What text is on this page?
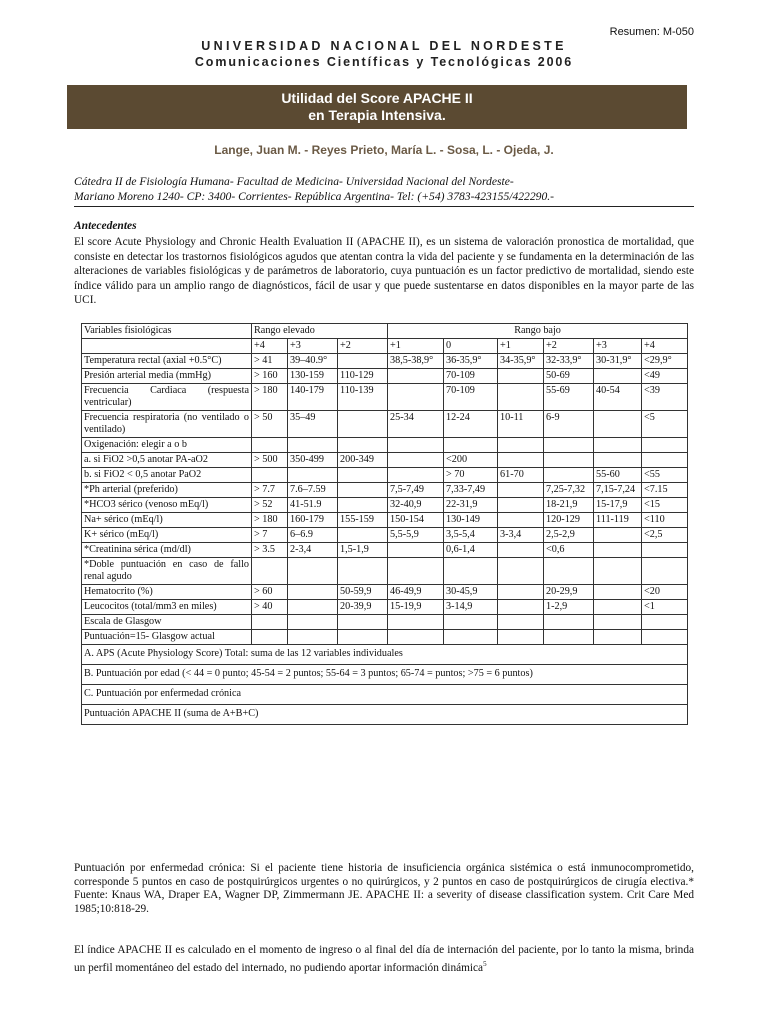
Resumen: M-050
UNIVERSIDAD NACIONAL DEL NORDESTE
Comunicaciones Científicas y Tecnológicas 2006
Utilidad del Score APACHE II
en Terapia Intensiva.
Lange, Juan M. - Reyes Prieto, María L. - Sosa, L. - Ojeda, J.
Cátedra II de Fisiología Humana- Facultad de Medicina- Universidad Nacional del Nordeste-
Mariano Moreno 1240- CP: 3400- Corrientes- República Argentina- Tel: (+54) 3783-423155/422290.-
Antecedentes
El score Acute Physiology and Chronic Health Evaluation II (APACHE II), es un sistema de valoración pronostica de mortalidad, que consiste en detectar los trastornos fisiológicos agudos que atentan contra la vida del paciente y se fundamenta en la determinación de las alteraciones de variables fisiológicas y de parámetros de laboratorio, cuya puntuación es un factor predictivo de mortalidad, siendo este índice válido para un amplio rango de diagnósticos, fácil de usar y que puede sustentarse en datos disponibles en la mayor parte de las UCI.
Variables fisiológicas	Rango elevado			Rango bajo					
	+4	+3	+2	+1	0	+1	+2	+3	+4
Temperatura rectal (axial +0.5°C)	> 41	39–40.9°		38,5-38,9°	36-35,9°	34-35,9°	32-33,9°	30-31,9°	<29,9°
Presión arterial media (mmHg)	> 160	130-159	110-129		70-109		50-69		<49
Frecuencia Cardiaca (respuesta ventricular)	> 180	140-179	110-139		70-109		55-69	40-54	<39
Frecuencia respiratoria (no ventilado o ventilado)	> 50	35–49		25-34	12-24	10-11	6-9		<5
Oxigenación: elegir a o b									
a. si FiO2 >0,5 anotar PA-aO2	> 500	350-499	200-349		<200				
b. si FiO2 < 0,5 anotar PaO2					> 70	61-70		55-60	<55
*Ph arterial (preferido)	> 7.7	7.6–7.59		7,5-7,49	7,33-7,49		7,25-7,32	7,15-7,24	<7.15
*HCO3 sérico (venoso mEq/l)	> 52	41-51.9		32-40,9	22-31,9		18-21,9	15-17,9	<15
Na+ sérico (mEq/l)	> 180	160-179	155-159	150-154	130-149		120-129	111-119	<110
K+ sérico (mEq/l)	> 7	6–6.9		5,5-5,9	3,5-5,4	3-3,4	2,5-2,9		<2,5
*Creatinina sérica (md/dl)	> 3.5	2-3,4	1,5-1,9		0,6-1,4		<0,6		
*Doble puntuación en caso de fallo renal agudo									
Hematocrito (%)	> 60		50-59,9	46-49,9	30-45,9		20-29,9		<20
Leucocitos (total/mm3 en miles)	> 40		20-39,9	15-19,9	3-14,9		1-2,9		<1
Escala de Glasgow									
Puntuación=15- Glasgow actual									
A. APS (Acute Physiology Score) Total: suma de las 12 variables individuales									
B. Puntuación por edad (< 44 = 0 punto; 45-54 = 2 puntos; 55-64 = 3 puntos; 65-74 = puntos; >75 = 6 puntos)									
C. Puntuación por enfermedad crónica									
Puntuación APACHE II (suma de A+B+C)									
Puntuación por enfermedad crónica: Si el paciente tiene historia de insuficiencia orgánica sistémica o está inmunocomprometido, corresponde 5 puntos en caso de postquirúrgicos urgentes o no quirúrgicos, y 2 puntos en caso de postquirúrgicos de cirugía electiva.* Fuente: Knaus WA, Draper EA, Wagner DP, Zimmermann JE. APACHE II: a severity of disease classification system. Crit Care Med 1985;10:818-29.
El índice APACHE II es calculado en el momento de ingreso o al final del día de internación del paciente, por lo tanto la misma, brinda un perfil momentáneo del estado del internado, no pudiendo aportar información dinámica$^5$
